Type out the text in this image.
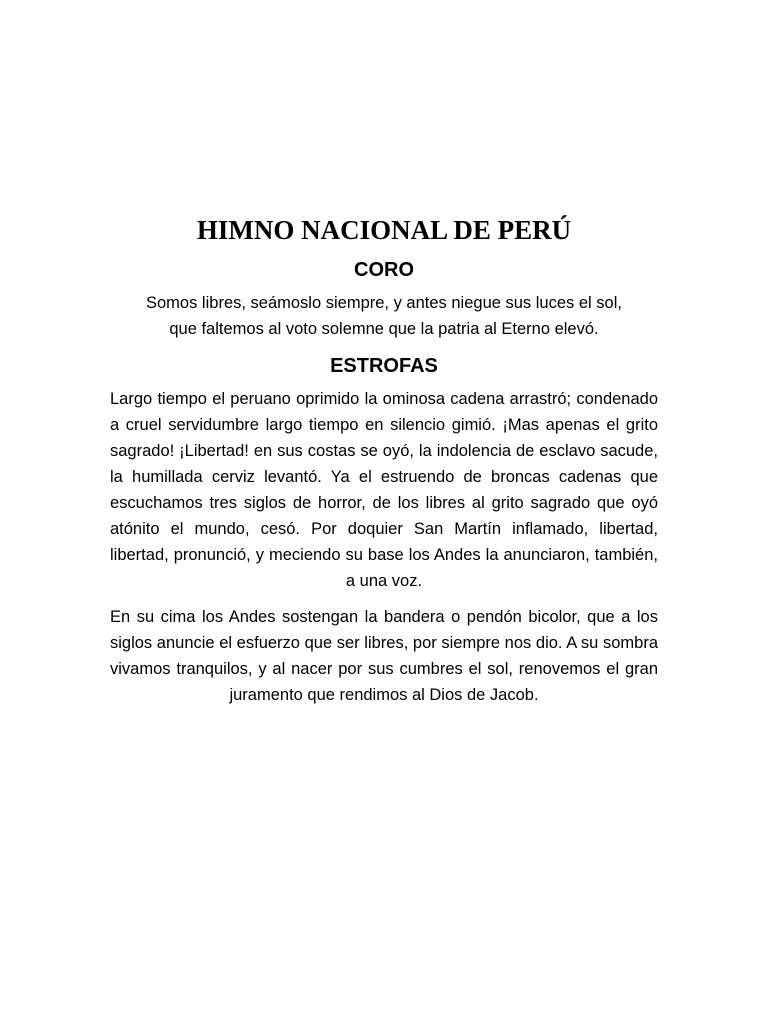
HIMNO NACIONAL DE PERÚ
CORO

Somos libres, seámoslo siempre, y antes niegue sus luces el sol,
que faltemos al voto solemne que la patria al Eterno elevó.

ESTROFAS

Largo tiempo el peruano oprimido la ominosa cadena arrastró; condenado a cruel servidumbre largo tiempo en silencio gimió. ¡Mas apenas el grito sagrado! ¡Libertad! en sus costas se oyó, la indolencia de esclavo sacude, la humillada cerviz levantó. Ya el estruendo de broncas cadenas que escuchamos tres siglos de horror, de los libres al grito sagrado que oyó atónito el mundo, cesó. Por doquier San Martín inflamado, libertad, libertad, pronunció, y meciendo su base los Andes la anunciaron, también, a una voz.

En su cima los Andes sostengan la bandera o pendón bicolor, que a los siglos anuncie el esfuerzo que ser libres, por siempre nos dio. A su sombra vivamos tranquilos, y al nacer por sus cumbres el sol, renovemos el gran juramento que rendimos al Dios de Jacob.
